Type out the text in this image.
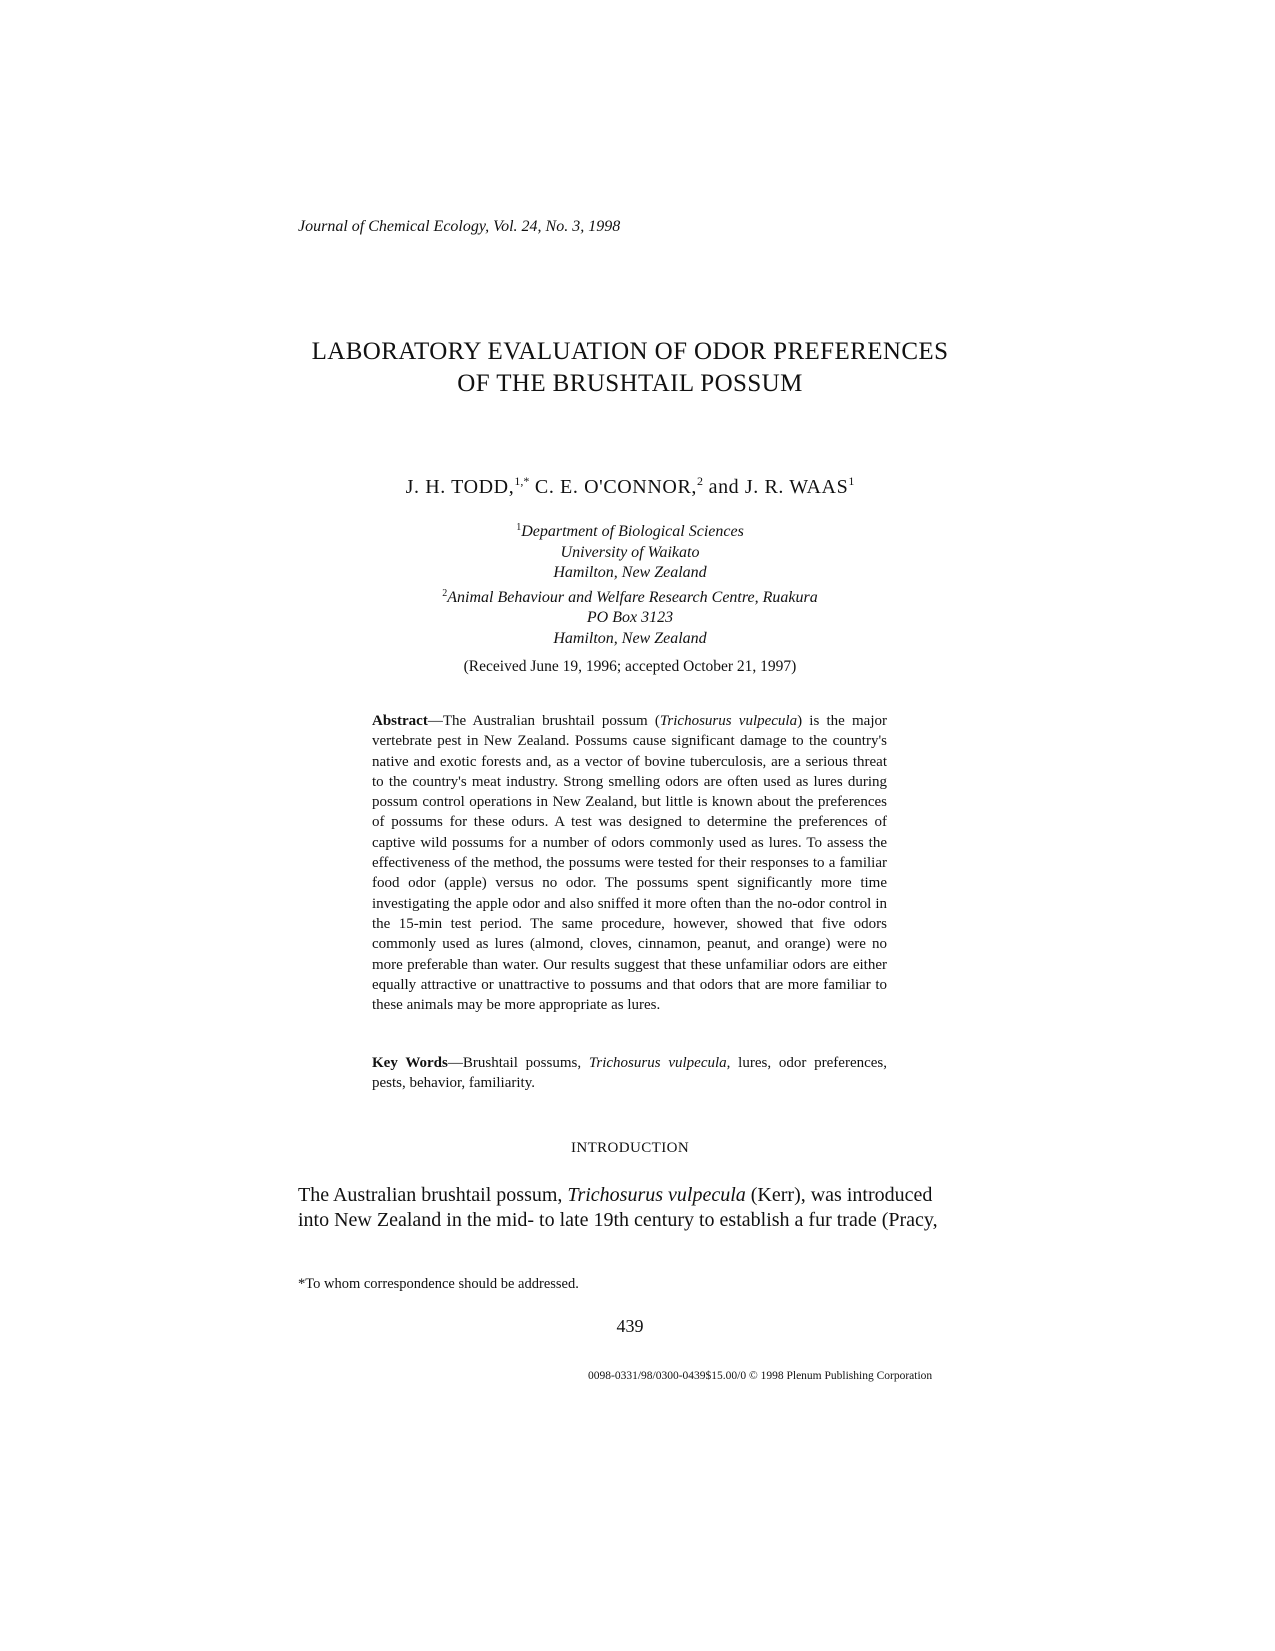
Journal of Chemical Ecology, Vol. 24, No. 3, 1998
LABORATORY EVALUATION OF ODOR PREFERENCES
OF THE BRUSHTAIL POSSUM
J. H. TODD,$^{1,*}$ C. E. O'CONNOR,$^2$ and J. R. WAAS$^1$
$^1$Department of Biological Sciences
University of Waikato
Hamilton, New Zealand
$^2$Animal Behaviour and Welfare Research Centre, Ruakura
PO Box 3123
Hamilton, New Zealand
(Received June 19, 1996; accepted October 21, 1997)
Abstract—The Australian brushtail possum (Trichosurus vulpecula) is the major vertebrate pest in New Zealand. Possums cause significant damage to the country's native and exotic forests and, as a vector of bovine tuberculosis, are a serious threat to the country's meat industry. Strong smelling odors are often used as lures during possum control operations in New Zealand, but little is known about the preferences of possums for these odurs. A test was designed to determine the preferences of captive wild possums for a number of odors commonly used as lures. To assess the effectiveness of the method, the possums were tested for their responses to a familiar food odor (apple) versus no odor. The possums spent significantly more time investigating the apple odor and also sniffed it more often than the no-odor control in the 15-min test period. The same procedure, however, showed that five odors commonly used as lures (almond, cloves, cinnamon, peanut, and orange) were no more preferable than water. Our results suggest that these unfamiliar odors are either equally attractive or unattractive to possums and that odors that are more familiar to these animals may be more appropriate as lures.
Key Words—Brushtail possums, Trichosurus vulpecula, lures, odor preferences, pests, behavior, familiarity.
INTRODUCTION
The Australian brushtail possum, Trichosurus vulpecula (Kerr), was introduced
into New Zealand in the mid- to late 19th century to establish a fur trade (Pracy,
*To whom correspondence should be addressed.
439
0098-0331/98/0300-0439$15.00/0 © 1998 Plenum Publishing Corporation
